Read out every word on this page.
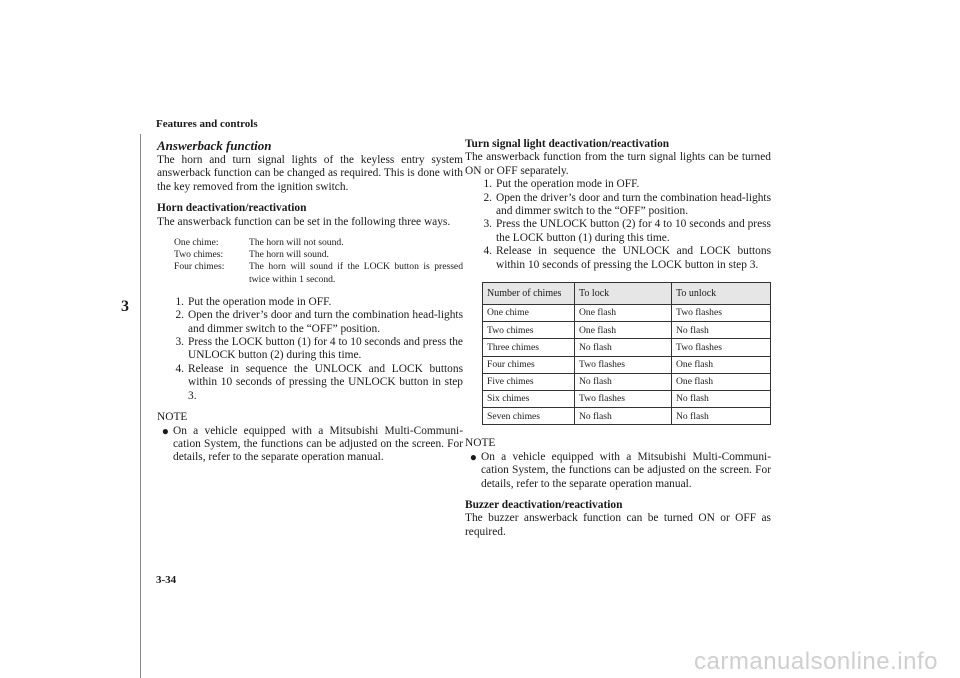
Features and controls
3
Answerback function
The horn and turn signal lights of the keyless entry system answerback function can be changed as required. This is done with the key removed from the ignition switch.
Horn deactivation/reactivation
The answerback function can be set in the following three ways.
One chime:	The horn will not sound.
Two chimes:	The horn will sound.
Four chimes:	The horn will sound if the LOCK button is pressed twice within 1 second.
1. Put the operation mode in OFF.
2. Open the driver’s door and turn the combination head-lights and dimmer switch to the “OFF” position.
3. Press the LOCK button (1) for 4 to 10 seconds and press the UNLOCK button (2) during this time.
4. Release in sequence the UNLOCK and LOCK buttons within 10 seconds of pressing the UNLOCK button in step 3.
NOTE
● On a vehicle equipped with a Mitsubishi Multi-Communi-cation System, the functions can be adjusted on the screen. For details, refer to the separate operation manual.
Turn signal light deactivation/reactivation
The answerback function from the turn signal lights can be turned ON or OFF separately.
1. Put the operation mode in OFF.
2. Open the driver’s door and turn the combination head-lights and dimmer switch to the “OFF” position.
3. Press the UNLOCK button (2) for 4 to 10 seconds and press the LOCK button (1) during this time.
4. Release in sequence the UNLOCK and LOCK buttons within 10 seconds of pressing the LOCK button in step 3.
Number of chimes	To lock	To unlock
One chime	One flash	Two flashes
Two chimes	One flash	No flash
Three chimes	No flash	Two flashes
Four chimes	Two flashes	One flash
Five chimes	No flash	One flash
Six chimes	Two flashes	No flash
Seven chimes	No flash	No flash
NOTE
● On a vehicle equipped with a Mitsubishi Multi-Communi-cation System, the functions can be adjusted on the screen. For details, refer to the separate operation manual.
Buzzer deactivation/reactivation
The buzzer answerback function can be turned ON or OFF as required.
3-34
carmanualsonline.info
